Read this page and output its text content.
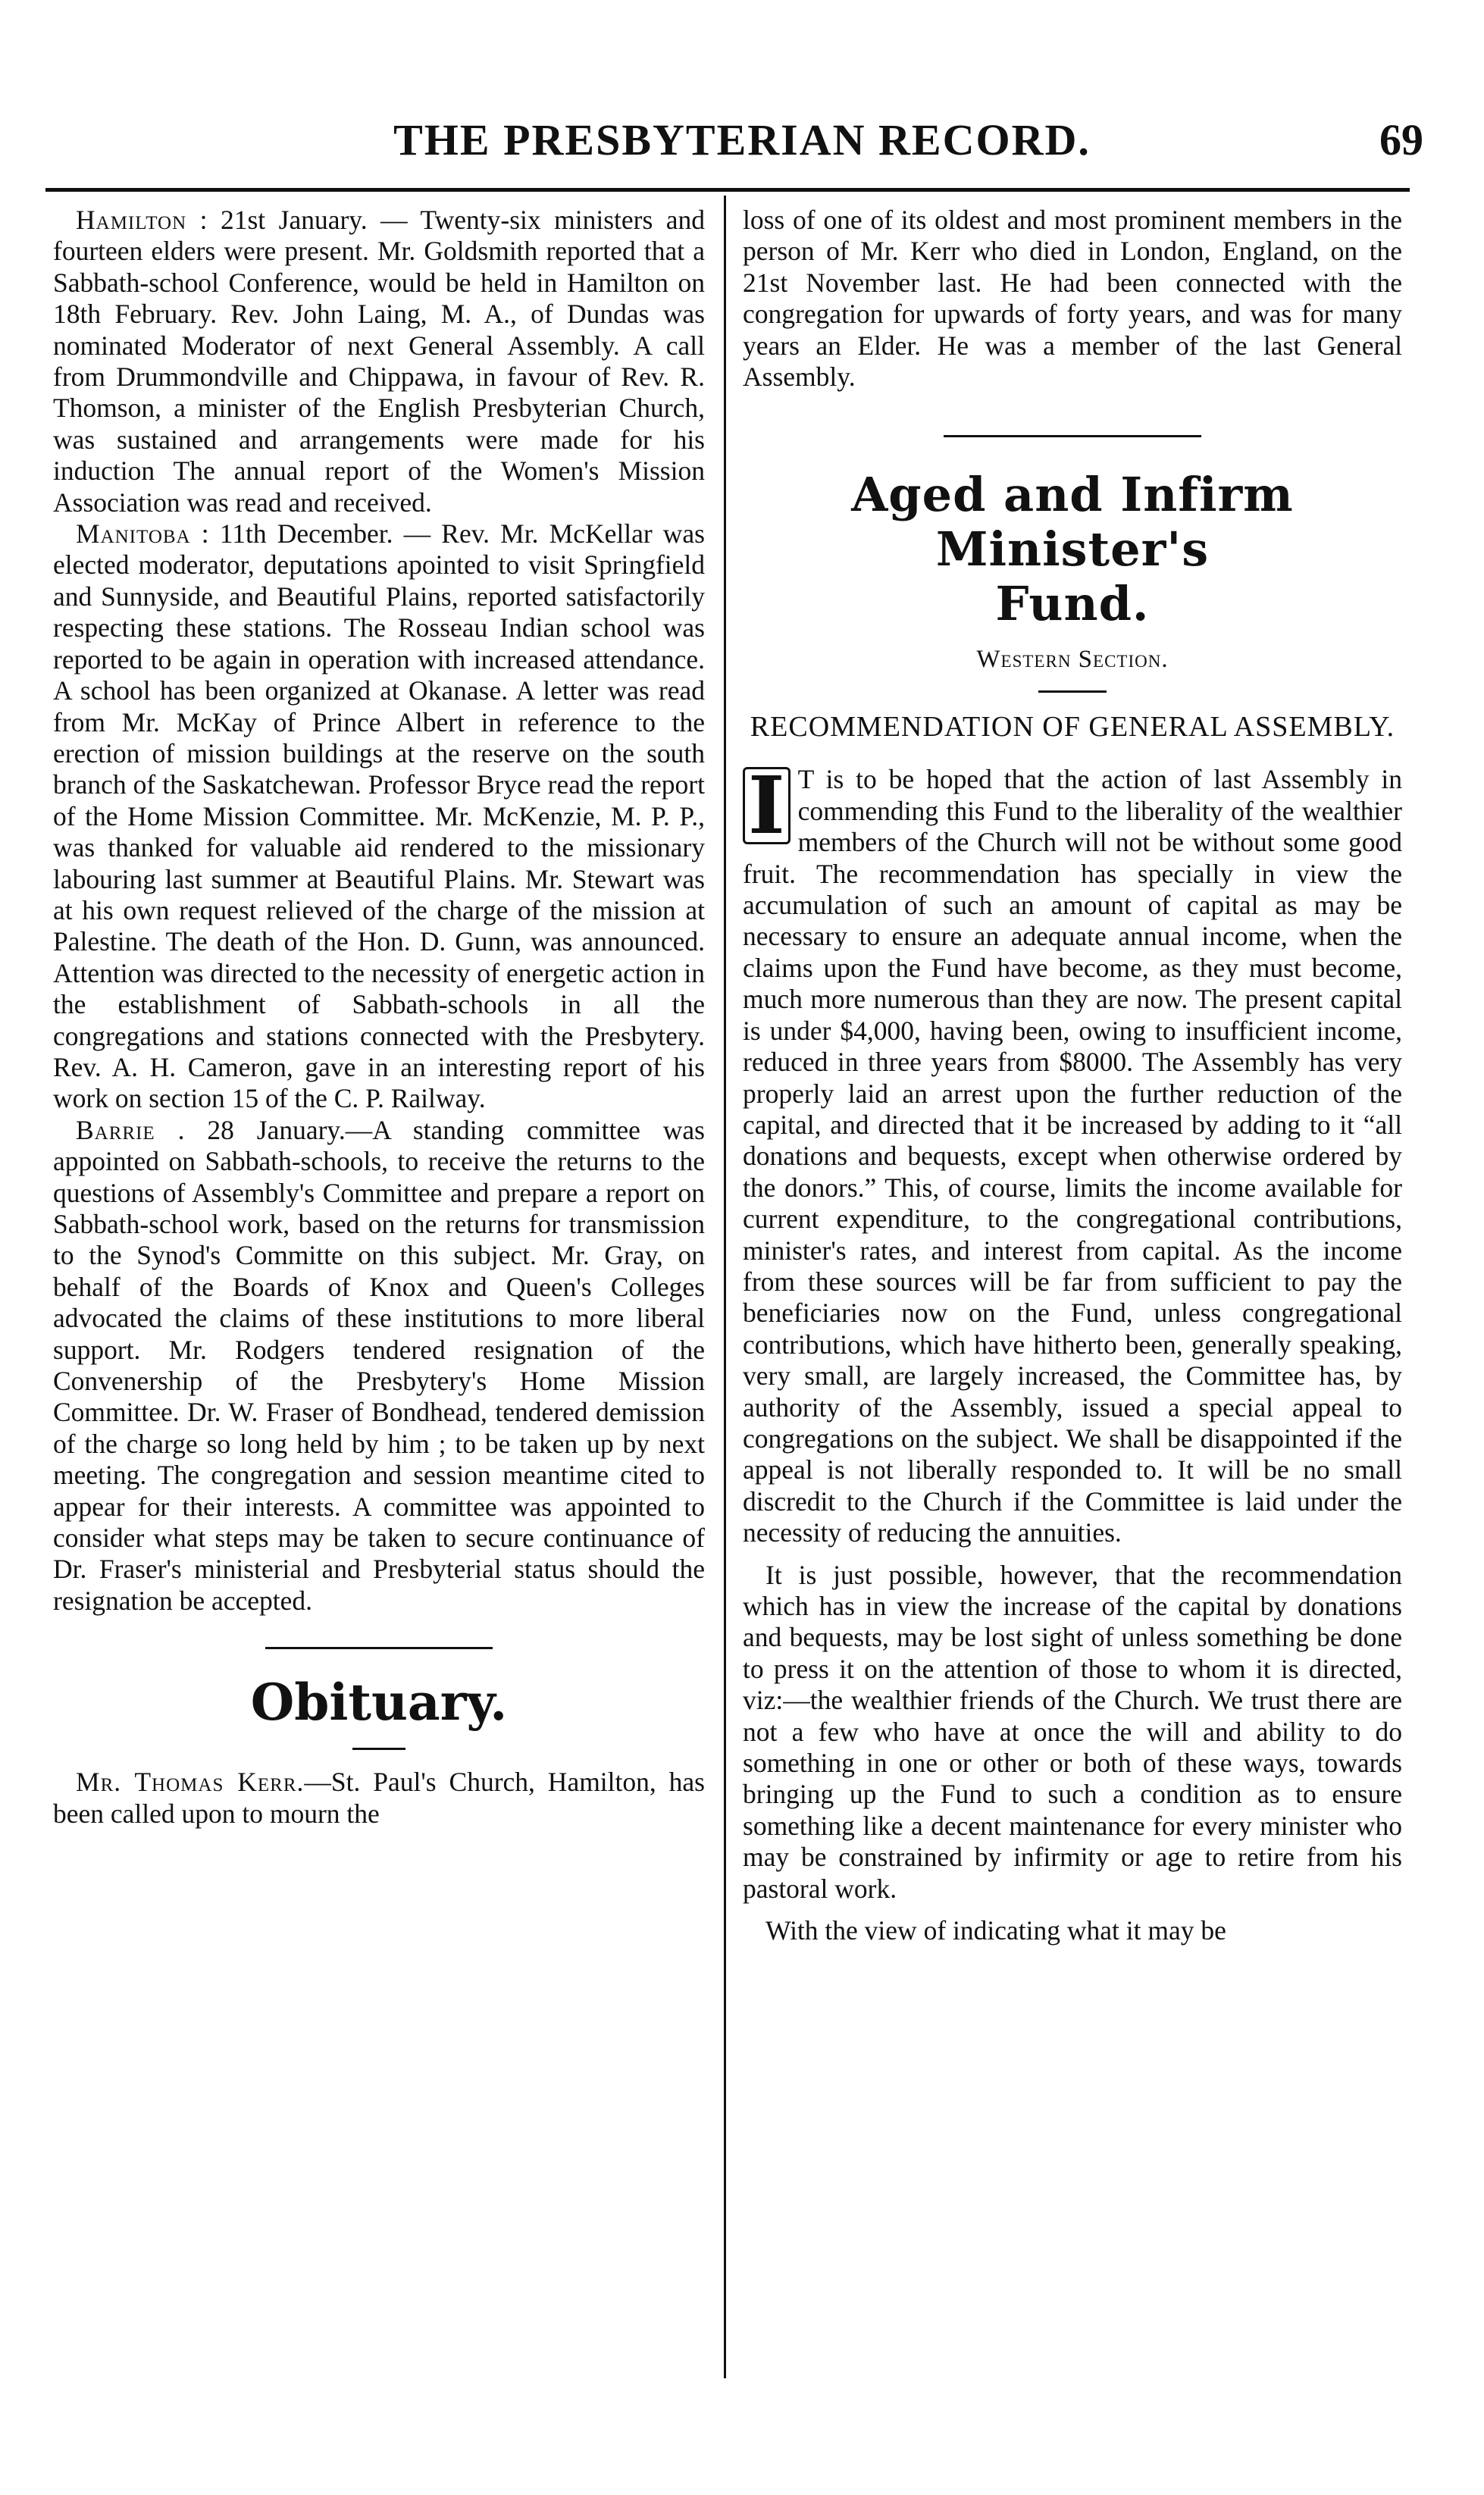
THE PRESBYTERIAN RECORD.	69

Hamilton : 21st January. — Twenty-six ministers and fourteen elders were present. Mr. Goldsmith reported that a Sabbath-school Conference, would be held in Hamilton on 18th February. Rev. John Laing, M. A., of Dundas was nominated Moderator of next General Assembly. A call from Drummondville and Chippawa, in favour of Rev. R. Thomson, a minister of the English Presbyterian Church, was sustained and arrangements were made for his induction The annual report of the Women's Mission Association was read and received.

Manitoba : 11th December. — Rev. Mr. McKellar was elected moderator, deputations apointed to visit Springfield and Sunnyside, and Beautiful Plains, reported satisfactorily respecting these stations. The Rosseau Indian school was reported to be again in operation with increased attendance. A school has been organized at Okanase. A letter was read from Mr. McKay of Prince Albert in reference to the erection of mission buildings at the reserve on the south branch of the Saskatchewan. Professor Bryce read the report of the Home Mission Committee. Mr. McKenzie, M. P. P., was thanked for valuable aid rendered to the missionary labouring last summer at Beautiful Plains. Mr. Stewart was at his own request relieved of the charge of the mission at Palestine. The death of the Hon. D. Gunn, was announced. Attention was directed to the necessity of energetic action in the establishment of Sabbath-schools in all the congregations and stations connected with the Presbytery. Rev. A. H. Cameron, gave in an interesting report of his work on section 15 of the C. P. Railway.

Barrie . 28 January.—A standing committee was appointed on Sabbath-schools, to receive the returns to the questions of Assembly's Committee and prepare a report on Sabbath-school work, based on the returns for transmission to the Synod's Committe on this subject. Mr. Gray, on behalf of the Boards of Knox and Queen's Colleges advocated the claims of these institutions to more liberal support. Mr. Rodgers tendered resignation of the Convenership of the Presbytery's Home Mission Committee. Dr. W. Fraser of Bondhead, tendered demission of the charge so long held by him ; to be taken up by next meeting. The congregation and session meantime cited to appear for their interests. A committee was appointed to consider what steps may be taken to secure continuance of Dr. Fraser's ministerial and Presbyterial status should the resignation be accepted.

Obituary.

Mr. Thomas Kerr.—St. Paul's Church, Hamilton, has been called upon to mourn the

loss of one of its oldest and most prominent members in the person of Mr. Kerr who died in London, England, on the 21st November last. He had been connected with the congregation for upwards of forty years, and was for many years an Elder. He was a member of the last General Assembly.

Aged and Infirm Minister's
Fund.
Western Section.
RECOMMENDATION OF GENERAL ASSEMBLY.

I T is to be hoped that the action of last Assembly in commending this Fund to the liberality of the wealthier members of the Church will not be without some good fruit. The recommendation has specially in view the accumulation of such an amount of capital as may be necessary to ensure an adequate annual income, when the claims upon the Fund have become, as they must become, much more numerous than they are now. The present capital is under $4,000, having been, owing to insufficient income, reduced in three years from $8000. The Assembly has very properly laid an arrest upon the further reduction of the capital, and directed that it be increased by adding to it “all donations and bequests, except when otherwise ordered by the donors.” This, of course, limits the income available for current expenditure, to the congregational contributions, minister's rates, and interest from capital. As the income from these sources will be far from sufficient to pay the beneficiaries now on the Fund, unless congregational contributions, which have hitherto been, generally speaking, very small, are largely increased, the Committee has, by authority of the Assembly, issued a special appeal to congregations on the subject. We shall be disappointed if the appeal is not liberally responded to. It will be no small discredit to the Church if the Committee is laid under the necessity of reducing the annuities.

It is just possible, however, that the recommendation which has in view the increase of the capital by donations and bequests, may be lost sight of unless something be done to press it on the attention of those to whom it is directed, viz:—the wealthier friends of the Church. We trust there are not a few who have at once the will and ability to do something in one or other or both of these ways, towards bringing up the Fund to such a condition as to ensure something like a decent maintenance for every minister who may be constrained by infirmity or age to retire from his pastoral work.

With the view of indicating what it may be
